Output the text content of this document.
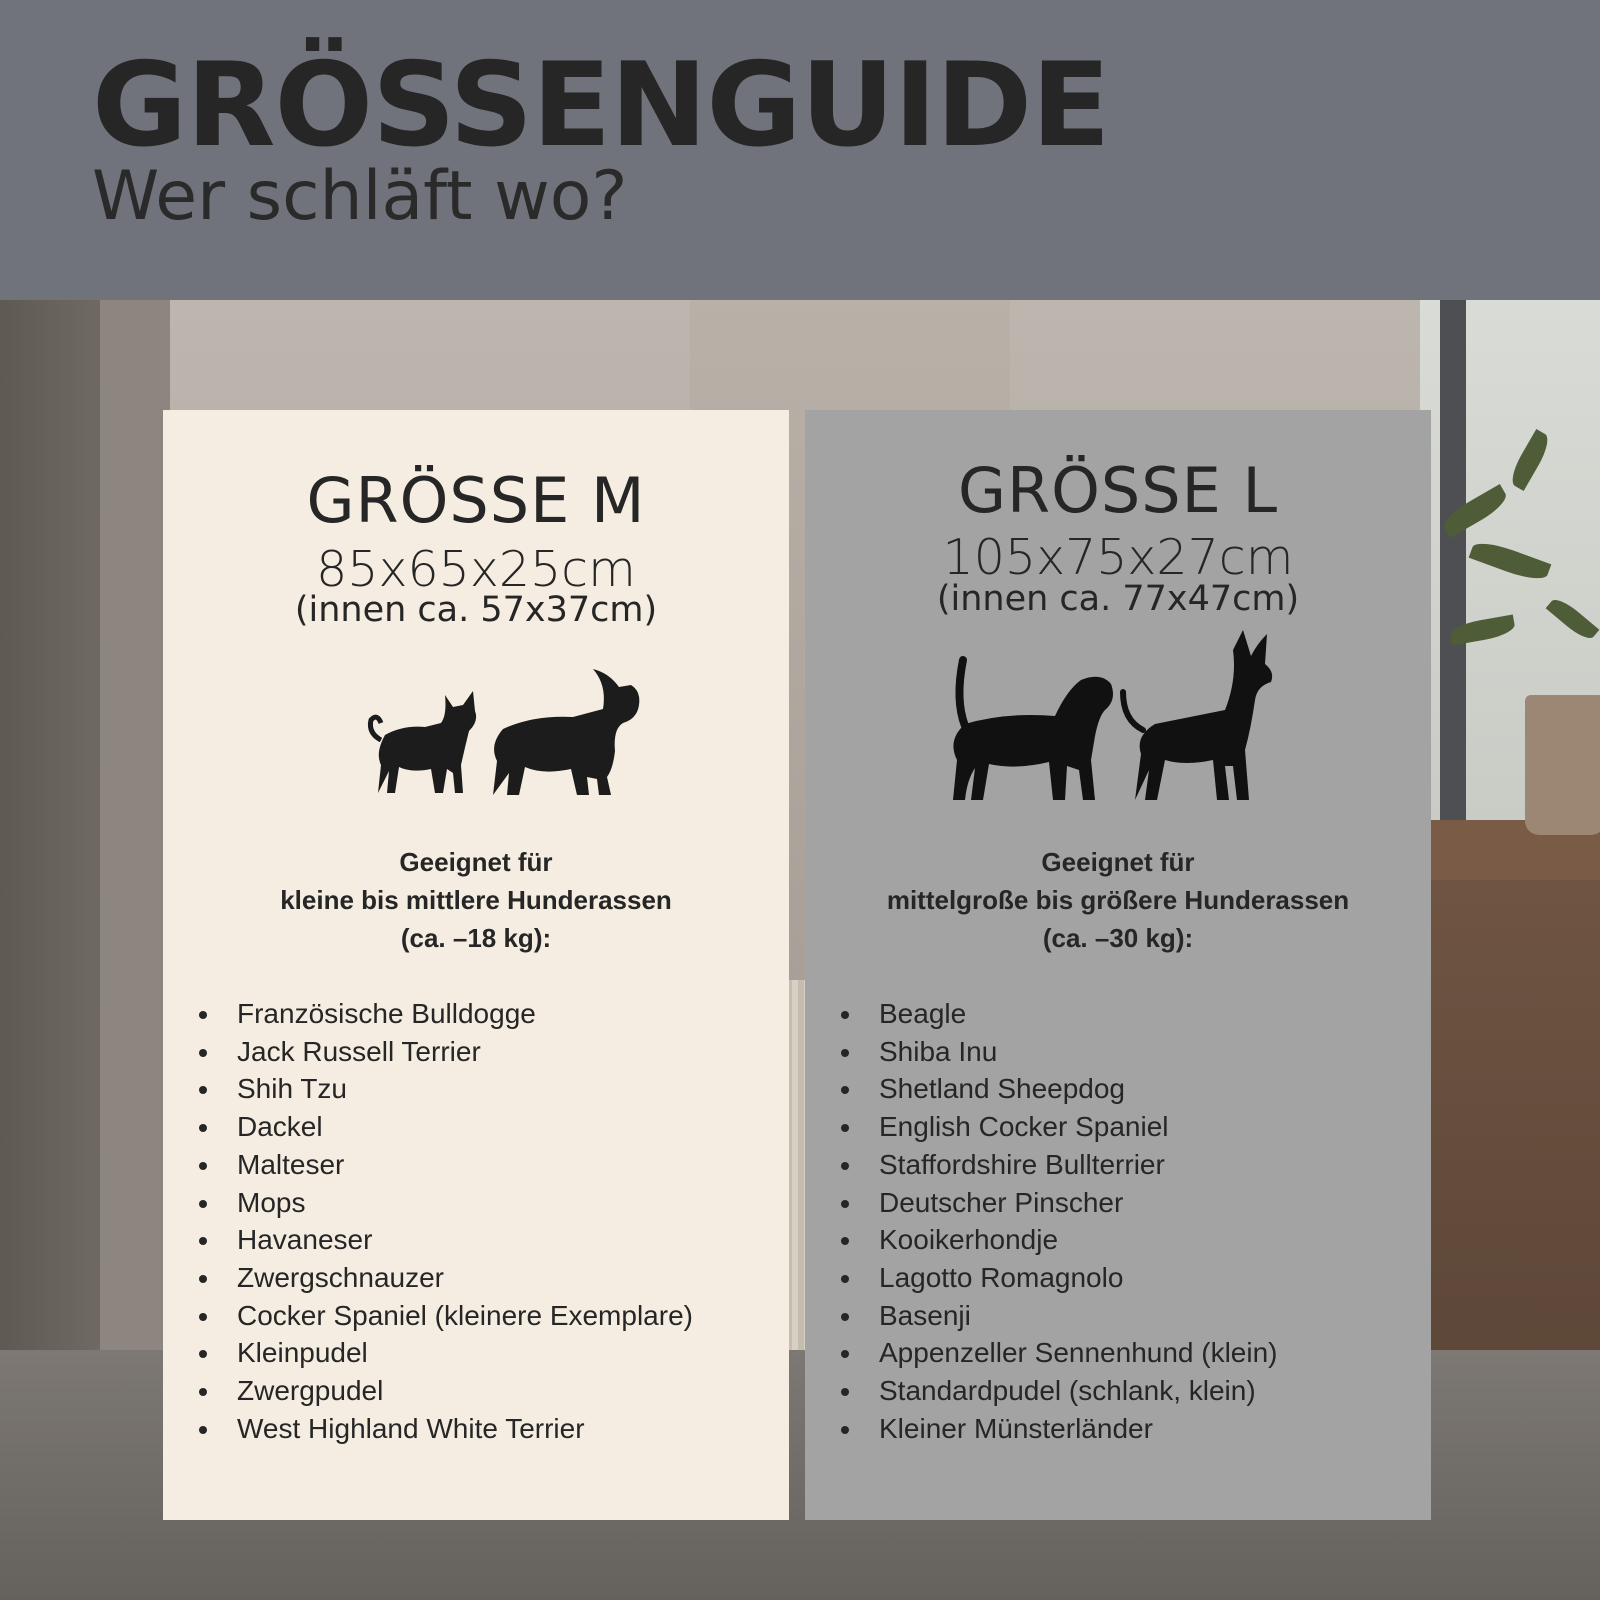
GRÖSSENGUIDE
Wer schläft wo?
GRÖSSE M
85x65x25cm
(innen ca. 57x37cm)
Geeignet für
kleine bis mittlere Hunderassen
(ca. –18 kg):
Französische Bulldogge
Jack Russell Terrier
Shih Tzu
Dackel
Malteser
Mops
Havaneser
Zwergschnauzer
Cocker Spaniel (kleinere Exemplare)
Kleinpudel
Zwergpudel
West Highland White Terrier
GRÖSSE L
105x75x27cm
(innen ca. 77x47cm)
Geeignet für
mittelgroße bis größere Hunderassen
(ca. –30 kg):
Beagle
Shiba Inu
Shetland Sheepdog
English Cocker Spaniel
Staffordshire Bullterrier
Deutscher Pinscher
Kooikerhondje
Lagotto Romagnolo
Basenji
Appenzeller Sennenhund (klein)
Standardpudel (schlank, klein)
Kleiner Münsterländer
